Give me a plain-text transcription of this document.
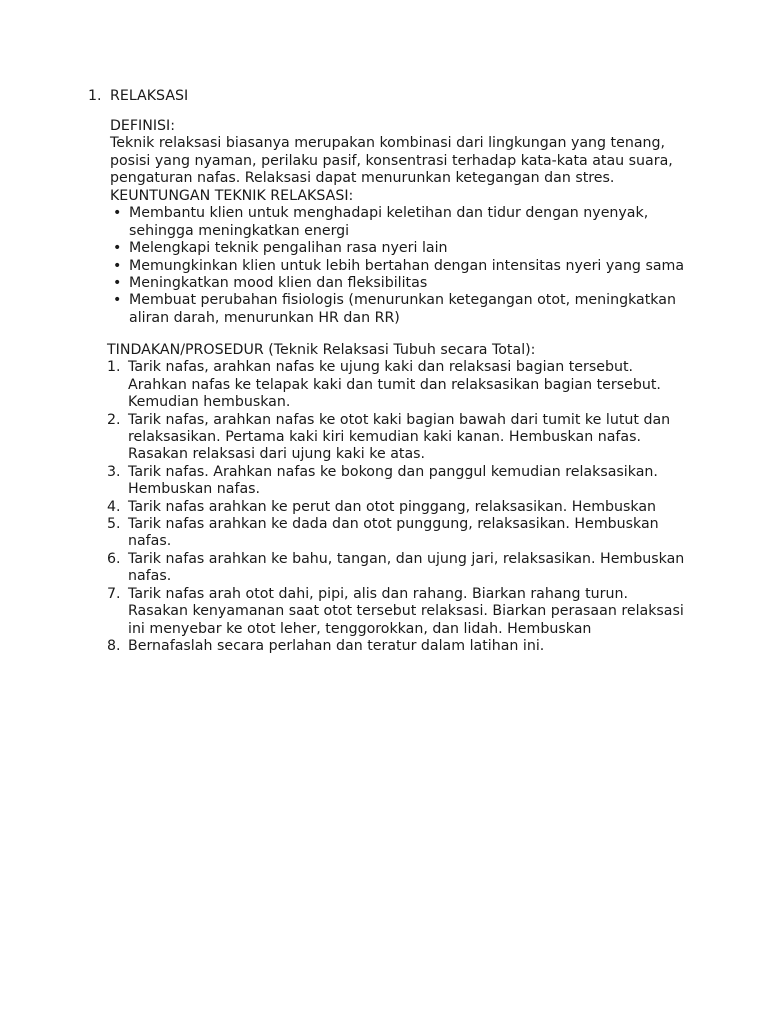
1. RELAKSASI
DEFINISI:
Teknik relaksasi biasanya merupakan kombinasi dari lingkungan yang tenang,
posisi yang nyaman, perilaku pasif, konsentrasi terhadap kata-kata atau suara,
pengaturan nafas. Relaksasi dapat menurunkan ketegangan dan stres.
KEUNTUNGAN TEKNIK RELAKSASI:
• Membantu klien untuk menghadapi keletihan dan tidur dengan nyenyak,
sehingga meningkatkan energi
• Melengkapi teknik pengalihan rasa nyeri lain
• Memungkinkan klien untuk lebih bertahan dengan intensitas nyeri yang sama
• Meningkatkan mood klien dan fleksibilitas
• Membuat perubahan fisiologis (menurunkan ketegangan otot, meningkatkan
aliran darah, menurunkan HR dan RR)
TINDAKAN/PROSEDUR (Teknik Relaksasi Tubuh secara Total):
1. Tarik nafas, arahkan nafas ke ujung kaki dan relaksasi bagian tersebut.
Arahkan nafas ke telapak kaki dan tumit dan relaksasikan bagian tersebut.
Kemudian hembuskan.
2. Tarik nafas, arahkan nafas ke otot kaki bagian bawah dari tumit ke lutut dan
relaksasikan. Pertama kaki kiri kemudian kaki kanan. Hembuskan nafas.
Rasakan relaksasi dari ujung kaki ke atas.
3. Tarik nafas. Arahkan nafas ke bokong dan panggul kemudian relaksasikan.
Hembuskan nafas.
4. Tarik nafas arahkan ke perut dan otot pinggang, relaksasikan. Hembuskan
5. Tarik nafas arahkan ke dada dan otot punggung, relaksasikan. Hembuskan
nafas.
6. Tarik nafas arahkan ke bahu, tangan, dan ujung jari, relaksasikan. Hembuskan
nafas.
7. Tarik nafas arah otot dahi, pipi, alis dan rahang. Biarkan rahang turun.
Rasakan kenyamanan saat otot tersebut relaksasi. Biarkan perasaan relaksasi
ini menyebar ke otot leher, tenggorokkan, dan lidah. Hembuskan
8. Bernafaslah secara perlahan dan teratur dalam latihan ini.
